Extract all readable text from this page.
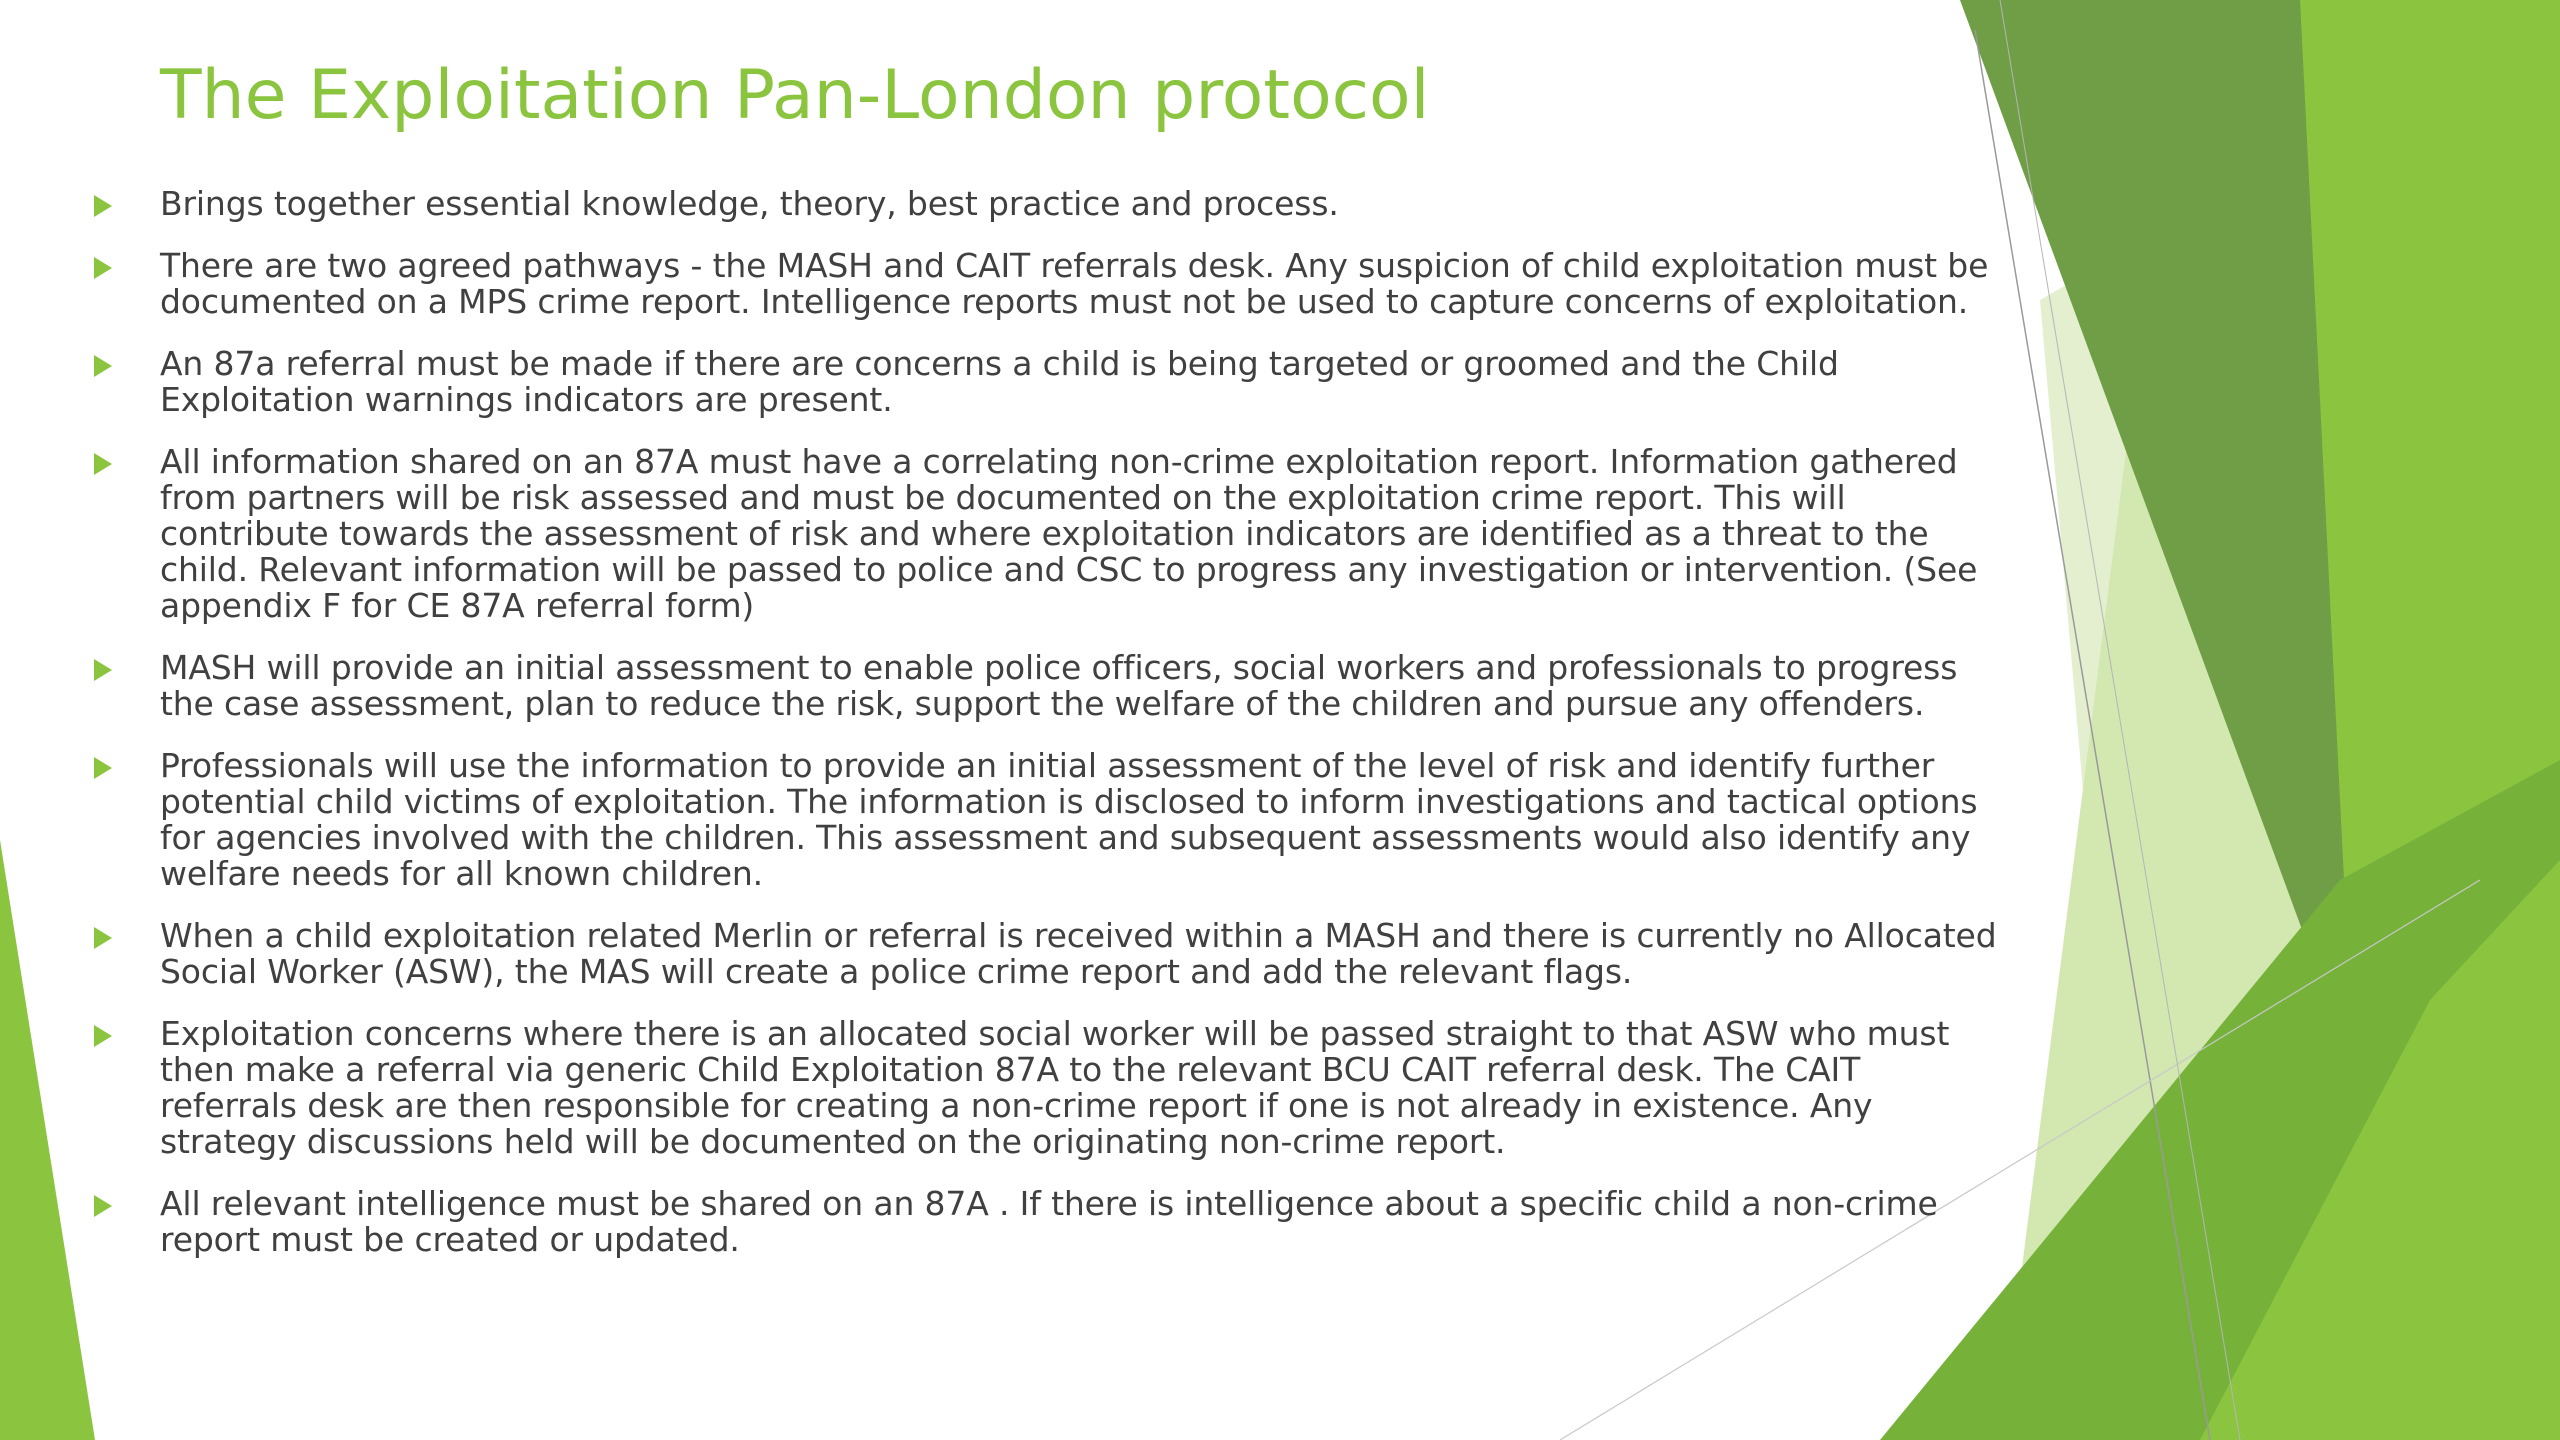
The Exploitation Pan-London protocol
Brings together essential knowledge, theory, best practice and process.
There are two agreed pathways - the MASH and CAIT referrals desk. Any suspicion of child exploitation must be documented on a MPS crime report. Intelligence reports must not be used to capture concerns of exploitation.
An 87a referral must be made if there are concerns a child is being targeted or groomed and the Child Exploitation warnings indicators are present.
All information shared on an 87A must have a correlating non-crime exploitation report. Information gathered from partners will be risk assessed and must be documented on the exploitation crime report. This will contribute towards the assessment of risk and where exploitation indicators are identified as a threat to the child. Relevant information will be passed to police and CSC to progress any investigation or intervention. (See appendix F for CE 87A referral form)
MASH will provide an initial assessment to enable police officers, social workers and professionals to progress the case assessment, plan to reduce the risk, support the welfare of the children and pursue any offenders.
Professionals will use the information to provide an initial assessment of the level of risk and identify further potential child victims of exploitation. The information is disclosed to inform investigations and tactical options for agencies involved with the children. This assessment and subsequent assessments would also identify any welfare needs for all known children.
When a child exploitation related Merlin or referral is received within a MASH and there is currently no Allocated Social Worker (ASW), the MAS will create a police crime report and add the relevant flags.
Exploitation concerns where there is an allocated social worker will be passed straight to that ASW who must then make a referral via generic Child Exploitation 87A to the relevant BCU CAIT referral desk. The CAIT referrals desk are then responsible for creating a non-crime report if one is not already in existence. Any strategy discussions held will be documented on the originating non-crime report.
All relevant intelligence must be shared on an 87A . If there is intelligence about a specific child a non-crime report must be created or updated.
